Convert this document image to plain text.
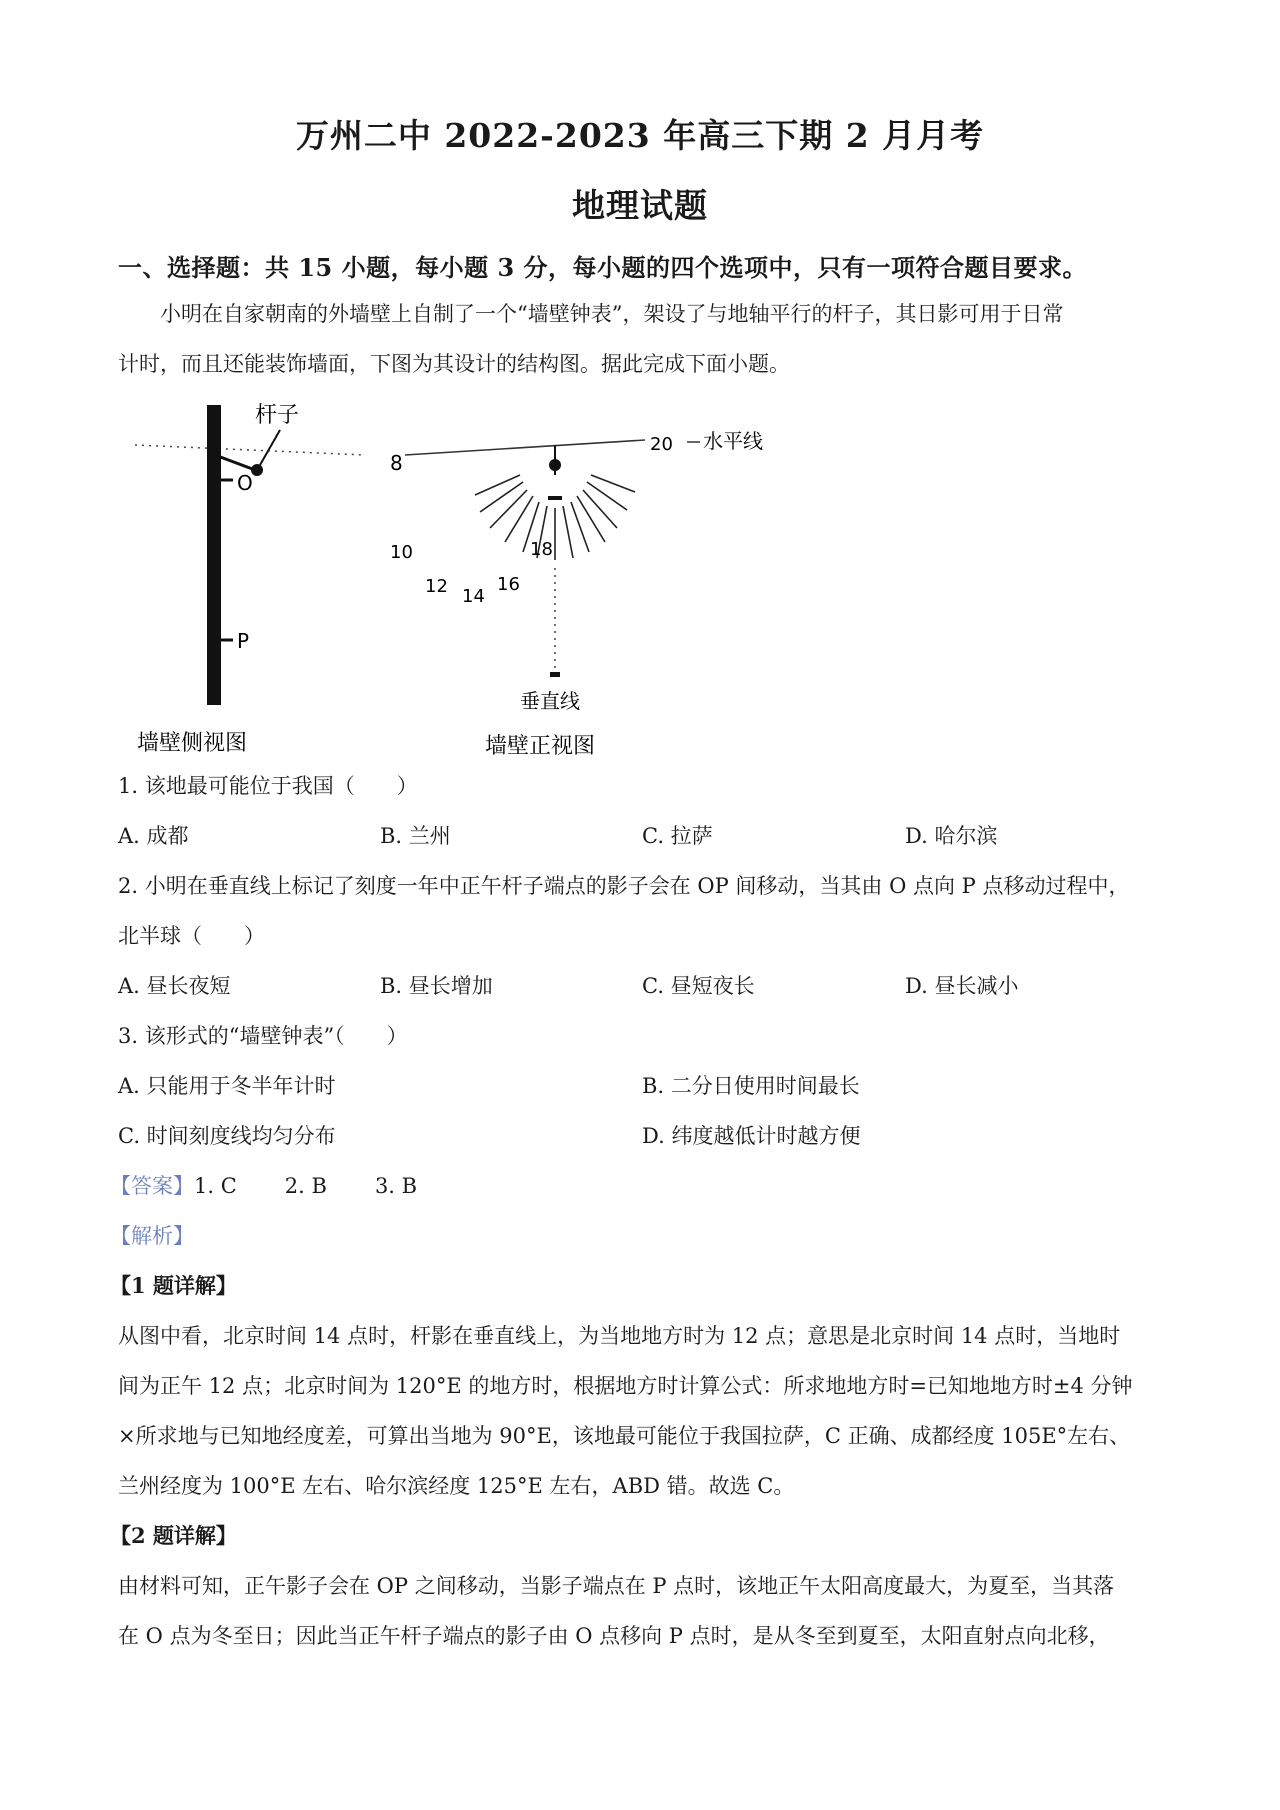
万州二中 2022-2023 年高三下期 2 月月考
地理试题
一、选择题：共 15 小题，每小题 3 分，每小题的四个选项中，只有一项符合题目要求。
小明在自家朝南的外墙壁上自制了一个“墙壁钟表”，架设了与地轴平行的杆子，其日影可用于日常
计时，而且还能装饰墙面，下图为其设计的结构图。据此完成下面小题。
杆子
O
P
墙壁侧视图
8
20 水平线
10
12 14
16
18
垂直线
墙壁正视图
1. 该地最可能位于我国（　　）
A. 成都	B. 兰州	C. 拉萨	D. 哈尔滨
2. 小明在垂直线上标记了刻度一年中正午杆子端点的影子会在 OP 间移动，当其由 O 点向 P 点移动过程中，
北半球（　　）
A. 昼长夜短	B. 昼长增加	C. 昼短夜长	D. 昼长减小
3. 该形式的“墙壁钟表”（　　）
A. 只能用于冬半年计时	B. 二分日使用时间最长
C. 时间刻度线均匀分布	D. 纬度越低计时越方便
【答案】1. C 2. B 3. B
【解析】
【1 题详解】
从图中看，北京时间 14 点时，杆影在垂直线上，为当地地方时为 12 点；意思是北京时间 14 点时，当地时
间为正午 12 点；北京时间为 120°E 的地方时，根据地方时计算公式：所求地地方时=已知地地方时±4 分钟
×所求地与已知地经度差，可算出当地为 90°E，该地最可能位于我国拉萨，C 正确、成都经度 105E°左右、
兰州经度为 100°E 左右、哈尔滨经度 125°E 左右，ABD 错。故选 C。
【2 题详解】
由材料可知，正午影子会在 OP 之间移动，当影子端点在 P 点时，该地正午太阳高度最大，为夏至，当其落
在 O 点为冬至日；因此当正午杆子端点的影子由 O 点移向 P 点时，是从冬至到夏至，太阳直射点向北移，
